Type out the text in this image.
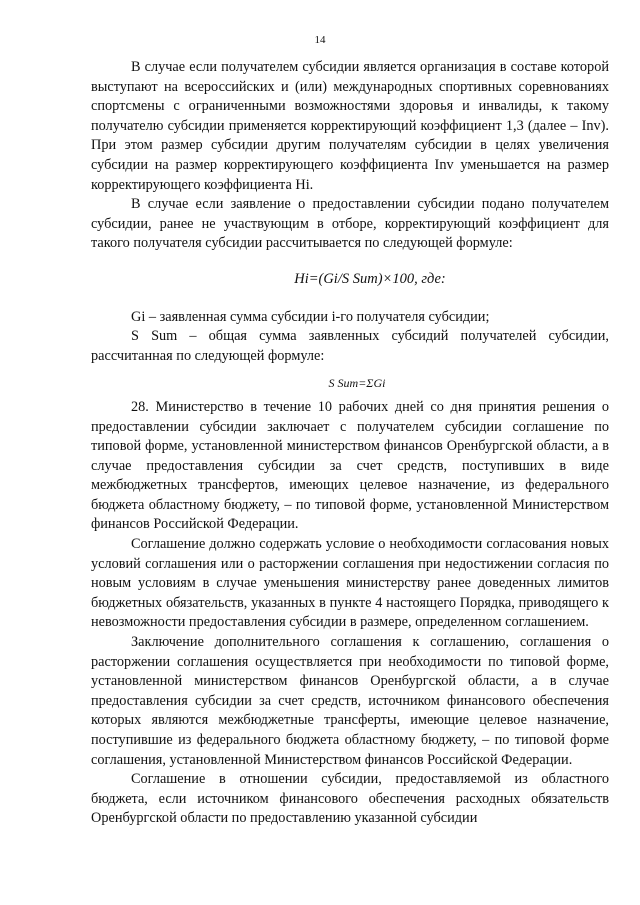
14

В случае если получателем субсидии является организация в составе которой выступают на всероссийских и (или) международных спортивных соревнованиях спортсмены с ограниченными возможностями здоровья и инвалиды, к такому получателю субсидии применяется корректирующий коэффициент 1,3 (далее – Inv). При этом размер субсидии другим получателям субсидии в целях увеличения субсидии на размер корректирующего коэффициента Inv уменьшается на размер корректирующего коэффициента Hi.

В случае если заявление о предоставлении субсидии подано получателем субсидии, ранее не участвующим в отборе, корректирующий коэффициент для такого получателя субсидии рассчитывается по следующей формуле:

Hi=(Gi/S Sum)×100, где:

Gi – заявленная сумма субсидии i-го получателя субсидии;

S Sum – общая сумма заявленных субсидий получателей субсидии, рассчитанная по следующей формуле:

S Sum=ΣGi

28. Министерство в течение 10 рабочих дней со дня принятия решения о предоставлении субсидии заключает с получателем субсидии соглашение по типовой форме, установленной министерством финансов Оренбургской области, а в случае предоставления субсидии за счет средств, поступивших в виде межбюджетных трансфертов, имеющих целевое назначение, из федерального бюджета областному бюджету, – по типовой форме, установленной Министерством финансов Российской Федерации.

Соглашение должно содержать условие о необходимости согласования новых условий соглашения или о расторжении соглашения при недостижении согласия по новым условиям в случае уменьшения министерству ранее доведенных лимитов бюджетных обязательств, указанных в пункте 4 настоящего Порядка, приводящего к невозможности предоставления субсидии в размере, определенном соглашением.

Заключение дополнительного соглашения к соглашению, соглашения о расторжении соглашения осуществляется при необходимости по типовой форме, установленной министерством финансов Оренбургской области, а в случае предоставления субсидии за счет средств, источником финансового обеспечения которых являются межбюджетные трансферты, имеющие целевое назначение, поступившие из федерального бюджета областному бюджету, – по типовой форме соглашения, установленной Министерством финансов Российской Федерации.

Соглашение в отношении субсидии, предоставляемой из областного бюджета, если источником финансового обеспечения расходных обязательств Оренбургской области по предоставлению указанной субсидии
